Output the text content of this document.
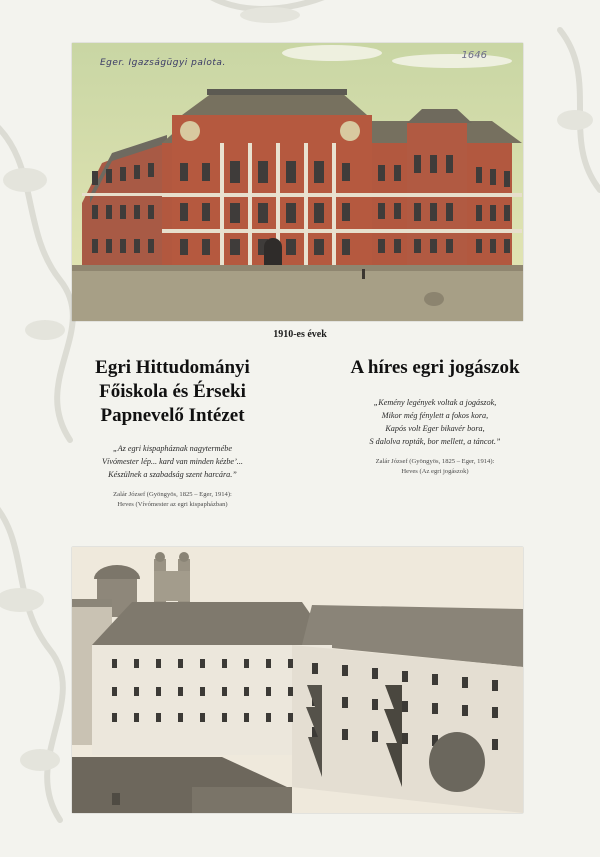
Eger. Igazságügyi palota.
1646
1910-es évek
Egri Hittudományi
Főiskola és Érseki
Papnevelő Intézet
„Az egri kispapháznak nagytermébe
Vívómester lép... kard van minden kézbe’...
Készülnek a szabadság szent harcára.”
Zalár József (Gyöngyös, 1825 – Eger, 1914):
Heves (Vívómester az egri kispapházban)
A híres egri jogászok
„Kemény legények voltak a jogászok,
Mikor még fénylett a fokos kora,
Kapós volt Eger bikavér bora,
S dalolva ropták, bor mellett, a táncot.”
Zalár József (Gyöngyös, 1825 – Eger, 1914):
Heves (Az egri jogászok)
